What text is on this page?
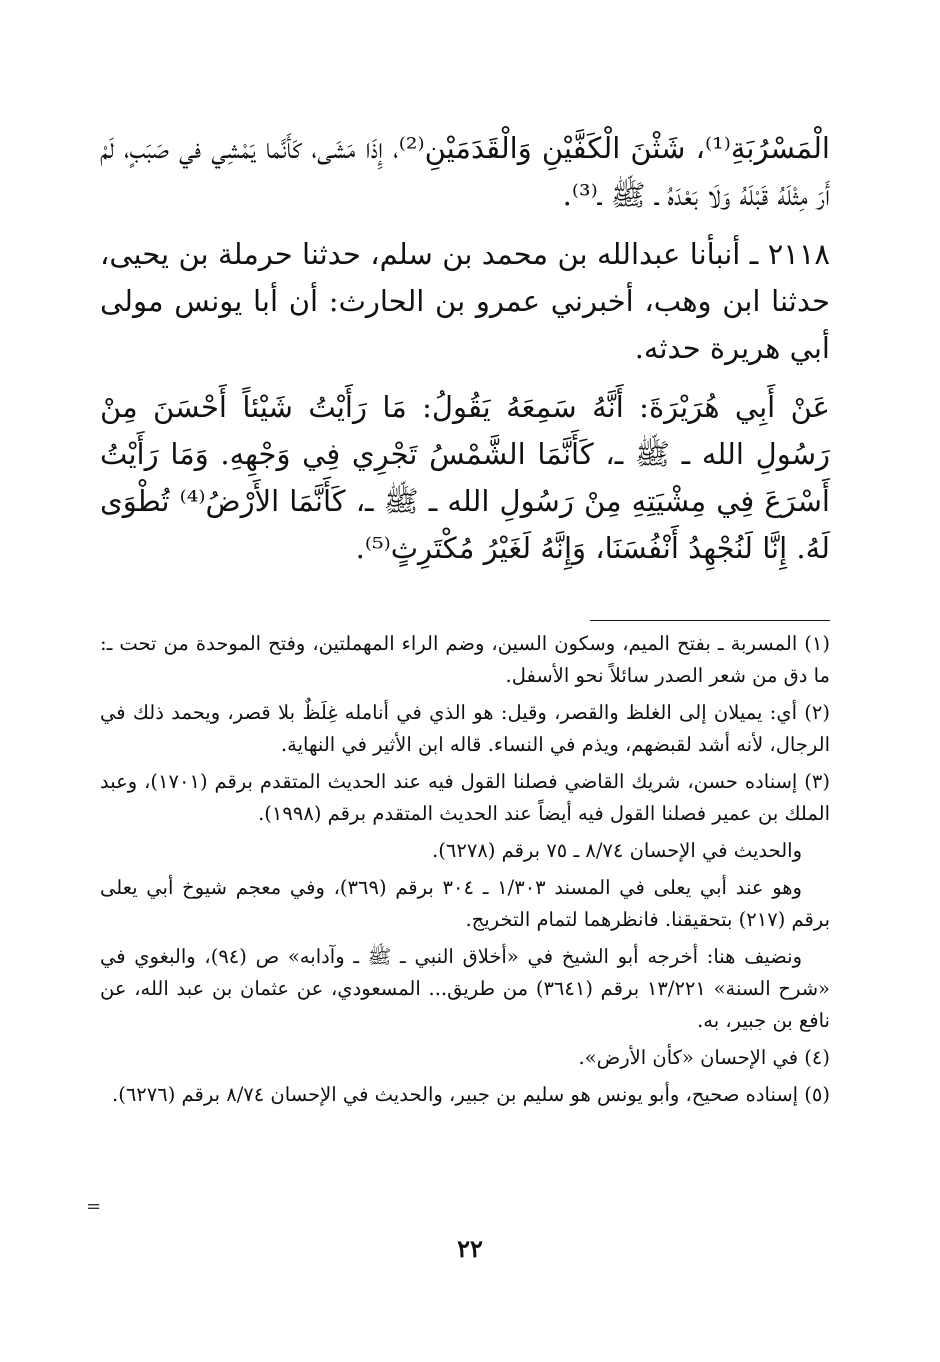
الْمَسْرُبَةِ⁽¹⁾، شَثْنَ الْكَفَّيْنِ وَالْقَدَمَيْنِ⁽²⁾، إِذَا مَشَى، كَأَنَّما يَمْشِي في صَبَبٍ، لَمْ أَرَ مِثْلَهُ قَبْلَهُ وَلَا بَعْدَهُ ـ ﷺ ـ⁽³⁾.

٢١١٨ ـ أنبأنا عبدالله بن محمد بن سلم، حدثنا حرملة بن يحيى، حدثنا ابن وهب، أخبرني عمرو بن الحارث: أن أبا يونس مولى أبي هريرة حدثه.

عَنْ أَبِي هُرَيْرَةَ: أَنَّهُ سَمِعَهُ يَقُولُ: مَا رَأَيْتُ شَيْئاً أَحْسَنَ مِنْ رَسُولِ الله ـ ﷺ ـ، كَأَنَّمَا الشَّمْسُ تَجْرِي فِي وَجْهِهِ. وَمَا رَأَيْتُ أَسْرَعَ فِي مِشْيَتِهِ مِنْ رَسُولِ الله ـ ﷺ ـ، كَأَنَّمَا الأَرْضُ⁽⁴⁾ تُطْوَى لَهُ. إِنَّا لَنُجْهِدُ أَنْفُسَنَا، وَإِنَّهُ لَغَيْرُ مُكْتَرِثٍ⁽⁵⁾.

(١) المسربة ـ بفتح الميم، وسكون السين، وضم الراء المهملتين، وفتح الموحدة من تحت ـ: ما دق من شعر الصدر سائلاً نحو الأسفل.

(٢) أي: يميلان إلى الغلظ والقصر، وقيل: هو الذي في أنامله غِلَظٌ بلا قصر، ويحمد ذلك في الرجال، لأنه أشد لقبضهم، ويذم في النساء. قاله ابن الأثير في النهاية.

(٣) إسناده حسن، شريك القاضي فصلنا القول فيه عند الحديث المتقدم برقم (١٧٠١)، وعبد الملك بن عمير فصلنا القول فيه أيضاً عند الحديث المتقدم برقم (١٩٩٨).

والحديث في الإحسان ٨/٧٤ ـ ٧٥ برقم (٦٢٧٨).

وهو عند أبي يعلى في المسند ١/٣٠٣ ـ ٣٠٤ برقم (٣٦٩)، وفي معجم شيوخ أبي يعلى برقم (٢١٧) بتحقيقنا. فانظرهما لتمام التخريج.

ونضيف هنا: أخرجه أبو الشيخ في «أخلاق النبي ـ ﷺ ـ وآدابه» ص (٩٤)، والبغوي في «شرح السنة» ١٣/٢٢١ برقم (٣٦٤١) من طريق... المسعودي، عن عثمان بن عبد الله، عن نافع بن جبير، به.

(٤) في الإحسان «كأن الأرض».

(٥) إسناده صحيح، وأبو يونس هو سليم بن جبير، والحديث في الإحسان ٨/٧٤ برقم (٦٢٧٦).

=
٢٢
